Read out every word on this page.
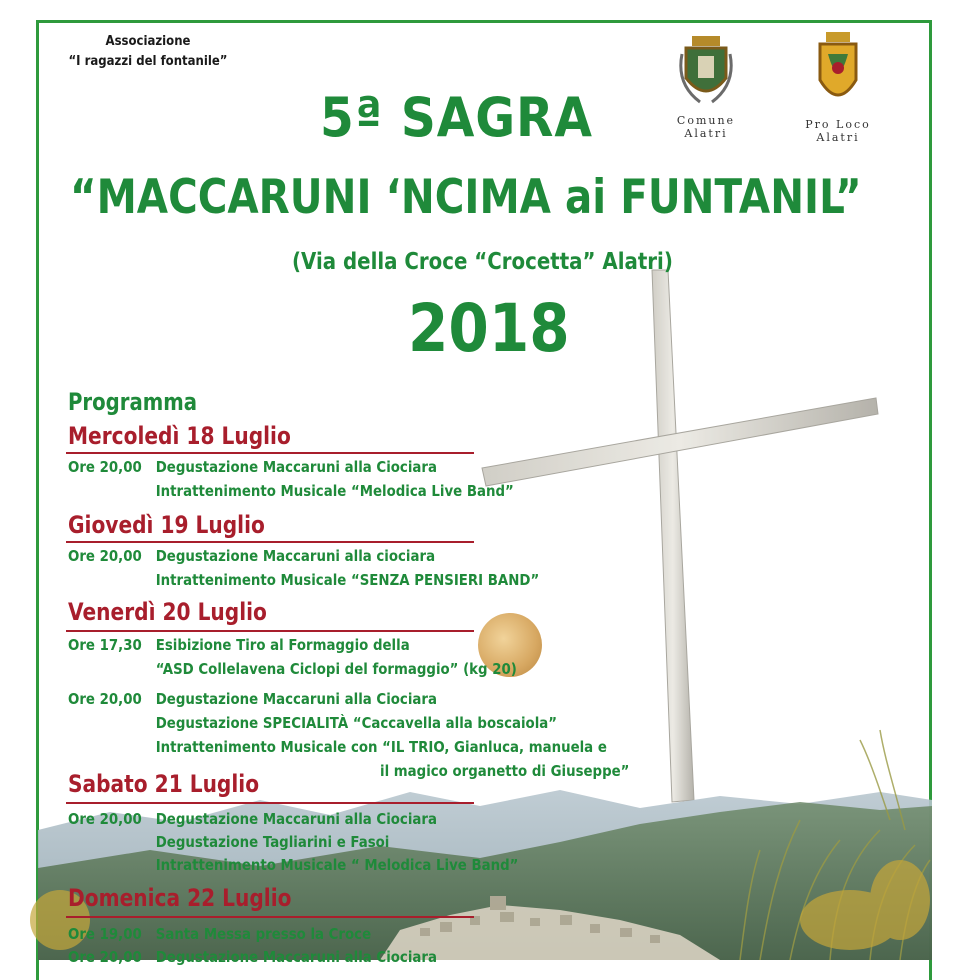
Associazione
“I ragazzi del fontanile”
Comune
Alatri
Pro Loco
Alatri
5ª SAGRA
“MACCARUNI ‘NCIMA ai FUNTANIL”
(Via della Croce “Crocetta” Alatri)
2018
Programma
Mercoledì 18 Luglio
Ore 20,00 Degustazione Maccaruni alla Ciociara
Intrattenimento Musicale “Melodica Live Band”
Giovedì 19 Luglio
Ore 20,00 Degustazione Maccaruni alla ciociara
Intrattenimento Musicale “SENZA PENSIERI BAND”
Venerdì 20 Luglio
Ore 17,30 Esibizione Tiro al Formaggio della
“ASD Collelavena Ciclopi del formaggio” (kg 20)
Ore 20,00 Degustazione Maccaruni alla Ciociara
Degustazione SPECIALITÀ “Caccavella alla boscaiola”
Intrattenimento Musicale con “IL TRIO, Gianluca, manuela e
il magico organetto di Giuseppe”
Sabato 21 Luglio
Ore 20,00 Degustazione Maccaruni alla Ciociara
Degustazione Tagliarini e Fasoi
Intrattenimento Musicale “ Melodica Live Band”
Domenica 22 Luglio
Ore 19,00 Santa Messa presso la Croce
Ore 20,00 Degustazione Maccaruni alla Ciociara
